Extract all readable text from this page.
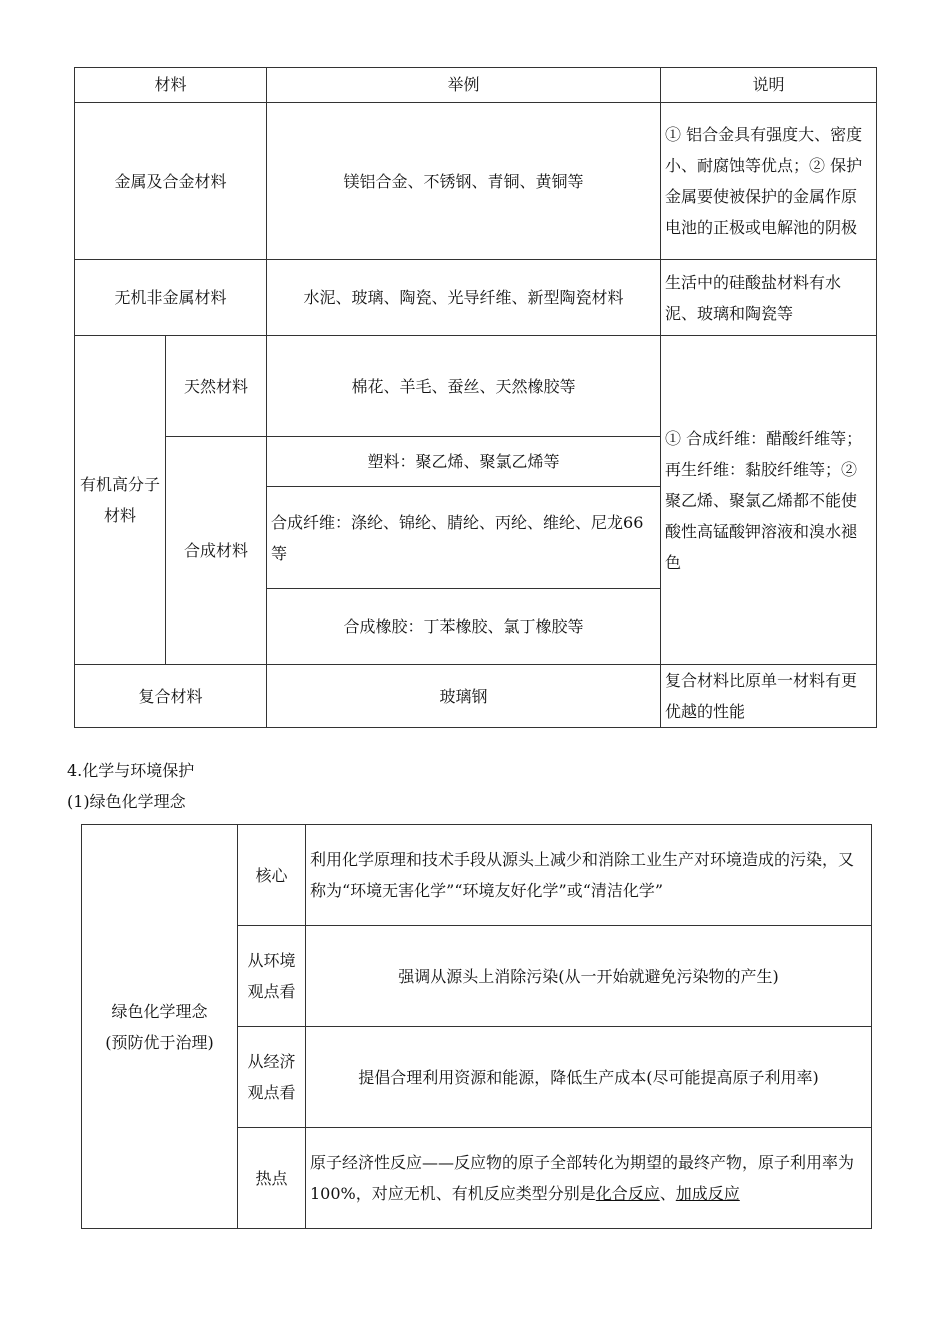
材料		举例	说明
金属及合金材料		镁铝合金、不锈钢、青铜、黄铜等	① 铝合金具有强度大、密度小、耐腐蚀等优点；② 保护金属要使被保护的金属作原电池的正极或电解池的阴极
无机非金属材料		水泥、玻璃、陶瓷、光导纤维、新型陶瓷材料	生活中的硅酸盐材料有水泥、玻璃和陶瓷等
有机高分子材料	天然材料	棉花、羊毛、蚕丝、天然橡胶等	① 合成纤维：醋酸纤维等；再生纤维：黏胶纤维等；② 聚乙烯、聚氯乙烯都不能使酸性高锰酸钾溶液和溴水褪色
	合成材料	塑料：聚乙烯、聚氯乙烯等	
		合成纤维：涤纶、锦纶、腈纶、丙纶、维纶、尼龙66等	
		合成橡胶：丁苯橡胶、氯丁橡胶等	
复合材料		玻璃钢	复合材料比原单一材料有更优越的性能
4.化学与环境保护
(1)绿色化学理念
绿色化学理念
(预防优于治理)	核心	利用化学原理和技术手段从源头上减少和消除工业生产对环境造成的污染，又称为“环境无害化学”“环境友好化学”或“清洁化学”
	从环境观点看	强调从源头上消除污染(从一开始就避免污染物的产生)
	从经济观点看	提倡合理利用资源和能源，降低生产成本(尽可能提高原子利用率)
	热点	原子经济性反应——反应物的原子全部转化为期望的最终产物，原子利用率为100%，对应无机、有机反应类型分别是化合反应、加成反应
